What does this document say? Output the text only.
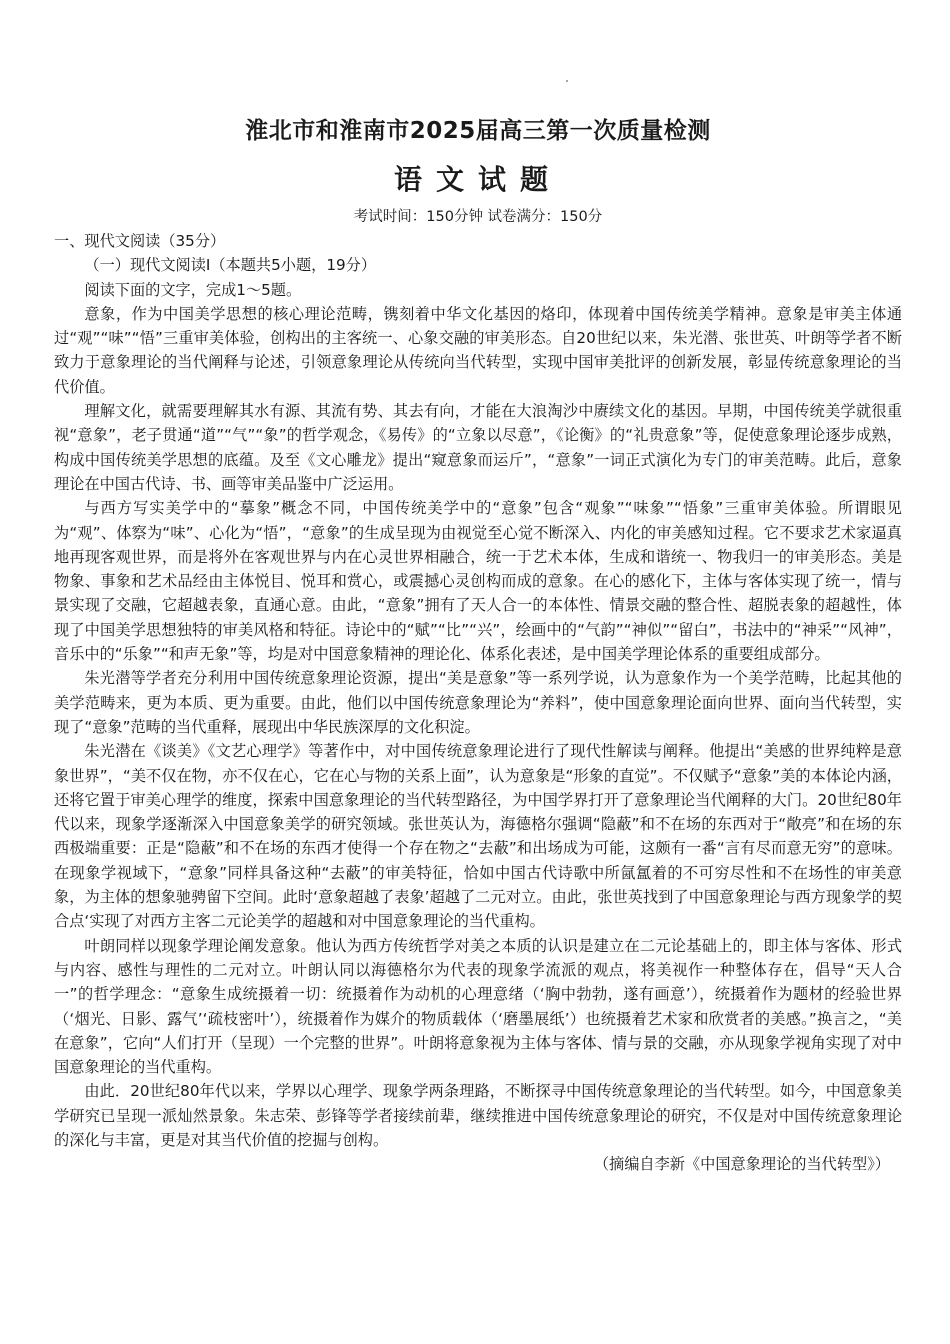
淮北市和淮南市2025届高三第一次质量检测
语文试题
考试时间：150分钟 试卷满分：150分

一、现代文阅读（35分）

（一）现代文阅读Ⅰ（本题共5小题，19分）

阅读下面的文字，完成1～5题。

意象，作为中国美学思想的核心理论范畴，镌刻着中华文化基因的烙印，体现着中国传统美学精神。意象是审美主体通过“观”“味”“悟”三重审美体验，创构出的主客统一、心象交融的审美形态。自20世纪以来，朱光潜、张世英、叶朗等学者不断致力于意象理论的当代阐释与论述，引领意象理论从传统向当代转型，实现中国审美批评的创新发展，彰显传统意象理论的当代价值。

理解文化，就需要理解其水有源、其流有势、其去有向，才能在大浪淘沙中赓续文化的基因。早期，中国传统美学就很重视“意象”，老子贯通“道”“气”“象”的哲学观念，《易传》的“立象以尽意”，《论衡》的“礼贵意象”等，促使意象理论逐步成熟，构成中国传统美学思想的底蕴。及至《文心雕龙》提出“窥意象而运斤”，“意象”一词正式演化为专门的审美范畴。此后，意象理论在中国古代诗、书、画等审美品鉴中广泛运用。

与西方写实美学中的“摹象”概念不同，中国传统美学中的“意象”包含“观象”“味象”“悟象”三重审美体验。所谓眼见为“观”、体察为“味”、心化为“悟”，“意象”的生成呈现为由视觉至心觉不断深入、内化的审美感知过程。它不要求艺术家逼真地再现客观世界，而是将外在客观世界与内在心灵世界相融合，统一于艺术本体，生成和谐统一、物我归一的审美形态。美是物象、事象和艺术品经由主体悦目、悦耳和赏心，或震撼心灵创构而成的意象。在心的感化下，主体与客体实现了统一，情与景实现了交融，它超越表象，直通心意。由此，“意象”拥有了天人合一的本体性、情景交融的整合性、超脱表象的超越性，体现了中国美学思想独特的审美风格和特征。诗论中的“赋”“比”“兴”，绘画中的“气韵”“神似”“留白”，书法中的“神采”“风神”，音乐中的“乐象”“和声无象”等，均是对中国意象精神的理论化、体系化表述，是中国美学理论体系的重要组成部分。

朱光潜等学者充分利用中国传统意象理论资源，提出“美是意象”等一系列学说，认为意象作为一个美学范畴，比起其他的美学范畴来，更为本质、更为重要。由此，他们以中国传统意象理论为“养料”，使中国意象理论面向世界、面向当代转型，实现了“意象”范畴的当代重释，展现出中华民族深厚的文化积淀。

朱光潜在《谈美》《文艺心理学》等著作中，对中国传统意象理论进行了现代性解读与阐释。他提出“美感的世界纯粹是意象世界”，“美不仅在物，亦不仅在心，它在心与物的关系上面”，认为意象是“形象的直觉”。不仅赋予“意象”美的本体论内涵，还将它置于审美心理学的维度，探索中国意象理论的当代转型路径，为中国学界打开了意象理论当代阐释的大门。20世纪80年代以来，现象学逐渐深入中国意象美学的研究领域。张世英认为，海德格尔强调“隐蔽”和不在场的东西对于“敞亮”和在场的东西极端重要：正是“隐蔽”和不在场的东西才使得一个存在物之“去蔽”和出场成为可能，这颇有一番“言有尽而意无穷”的意味。在现象学视域下，“意象”同样具备这种“去蔽”的审美特征，恰如中国古代诗歌中所氤氲着的不可穷尽性和不在场性的审美意象，为主体的想象驰骋留下空间。此时‘意象超越了表象’超越了二元对立。由此，张世英找到了中国意象理论与西方现象学的契合点‘实现了对西方主客二元论美学的超越和对中国意象理论的当代重构。

叶朗同样以现象学理论阐发意象。他认为西方传统哲学对美之本质的认识是建立在二元论基础上的，即主体与客体、形式与内容、感性与理性的二元对立。叶朗认同以海德格尔为代表的现象学流派的观点，将美视作一种整体存在，倡导“天人合一”的哲学理念：“意象生成统摄着一切：统摄着作为动机的心理意绪（‘胸中勃勃，遂有画意’），统摄着作为题材的经验世界（‘烟光、日影、露气’‘疏枝密叶’），统摄着作为媒介的物质载体（‘磨墨展纸’）也统摄着艺术家和欣赏者的美感。”换言之，“美在意象”，它向“人们打开（呈现）一个完整的世界”。叶朗将意象视为主体与客体、情与景的交融，亦从现象学视角实现了对中国意象理论的当代重构。

由此．20世纪80年代以来，学界以心理学、现象学两条理路，不断探寻中国传统意象理论的当代转型。如今，中国意象美学研究已呈现一派灿然景象。朱志荣、彭锋等学者接续前辈，继续推进中国传统意象理论的研究，不仅是对中国传统意象理论的深化与丰富，更是对其当代价值的挖掘与创构。

（摘编自李新《中国意象理论的当代转型》）
